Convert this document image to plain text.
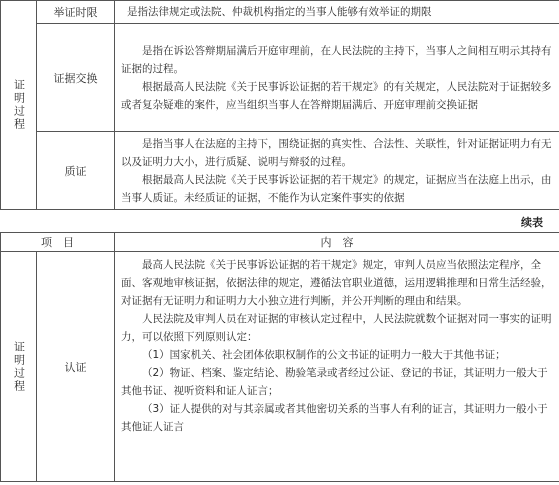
证明过程	举证时限	是指法律规定或法院、仲裁机构指定的当事人能够有效举证的期限

	证据交换	是指在诉讼答辩期届满后开庭审理前，在人民法院的主持下，当事人之间相互明示其持有证据的过程。

根据最高人民法院《关于民事诉讼证据的若干规定》的有关规定，人民法院对于证据较多或者复杂疑难的案件，应当组织当事人在答辩期届满后、开庭审理前交换证据

	质证	是指当事人在法庭的主持下，围绕证据的真实性、合法性、关联性，针对证据证明力有无以及证明力大小，进行质疑、说明与辩驳的过程。

根据最高人民法院《关于民事诉讼证据的若干规定》的规定，证据应当在法庭上出示，由当事人质证。未经质证的证据，不能作为认定案件事实的依据

续表
项　目		内　容

证明过程	认证	最高人民法院《关于民事诉讼证据的若干规定》规定，审判人员应当依照法定程序，全面、客观地审核证据，依据法律的规定，遵循法官职业道德，运用逻辑推理和日常生活经验，对证据有无证明力和证明力大小独立进行判断，并公开判断的理由和结果。

人民法院及审判人员在对证据的审核认定过程中，人民法院就数个证据对同一事实的证明力，可以依照下列原则认定：

（1）国家机关、社会团体依职权制作的公文书证的证明力一般大于其他书证；

（2）物证、档案、鉴定结论、勘验笔录或者经过公证、登记的书证，其证明力一般大于其他书证、视听资料和证人证言；

（3）证人提供的对与其亲属或者其他密切关系的当事人有利的证言，其证明力一般小于其他证人证言
